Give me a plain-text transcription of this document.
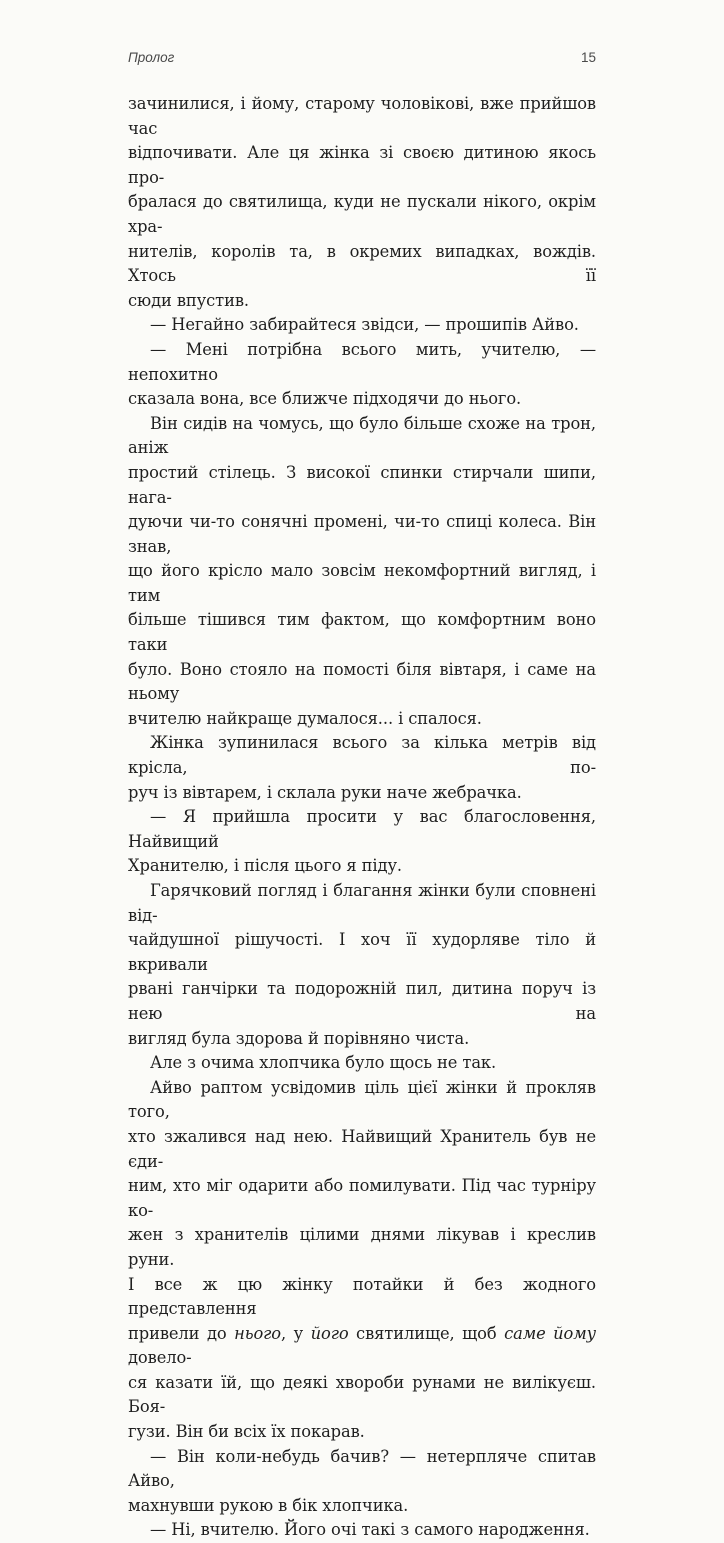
Пролог	15
зачинилися, і йому, старому чоловікові, вже прийшов час
відпочивати. Але ця жінка зі своєю дитиною якось про-
бралася до святилища, куди не пускали нікого, окрім хра-
нителів, королів та, в окремих випадках, вождів. Хтось її
сюди впустив.
— Негайно забирайтеся звідси, — прошипів Айво.
— Мені потрібна всього мить, учителю, — непохитно
сказала вона, все ближче підходячи до нього.
Він сидів на чомусь, що було більше схоже на трон, аніж
простий стілець. З високої спинки стирчали шипи, нага-
дуючи чи-то сонячні промені, чи-то спиці колеса. Він знав,
що його крісло мало зовсім некомфортний вигляд, і тим
більше тішився тим фактом, що комфортним воно таки
було. Воно стояло на помості біля вівтаря, і саме на ньому
вчителю найкраще думалося... і спалося.
Жінка зупинилася всього за кілька метрів від крісла, по-
руч із вівтарем, і склала руки наче жебрачка.
— Я прийшла просити у вас благословення, Найвищий
Хранителю, і після цього я піду.
Гарячковий погляд і благання жінки були сповнені від-
чайдушної рішучості. І хоч її худорляве тіло й вкривали
рвані ганчірки та подорожній пил, дитина поруч із нею на
вигляд була здорова й порівняно чиста.
Але з очима хлопчика було щось не так.
Айво раптом усвідомив ціль цієї жінки й прокляв того,
хто зжалився над нею. Найвищий Хранитель був не єди-
ним, хто міг одарити або помилувати. Під час турніру ко-
жен з хранителів цілими днями лікував і креслив руни.
І все ж цю жінку потайки й без жодного представлення
привели до нього, у його святилище, щоб саме йому довело-
ся казати їй, що деякі хвороби рунами не вилікуєш. Боя-
гузи. Він би всіх їх покарав.
— Він коли-небудь бачив? — нетерпляче спитав Айво,
махнувши рукою в бік хлопчика.
— Ні, вчителю. Його очі такі з самого народження.
